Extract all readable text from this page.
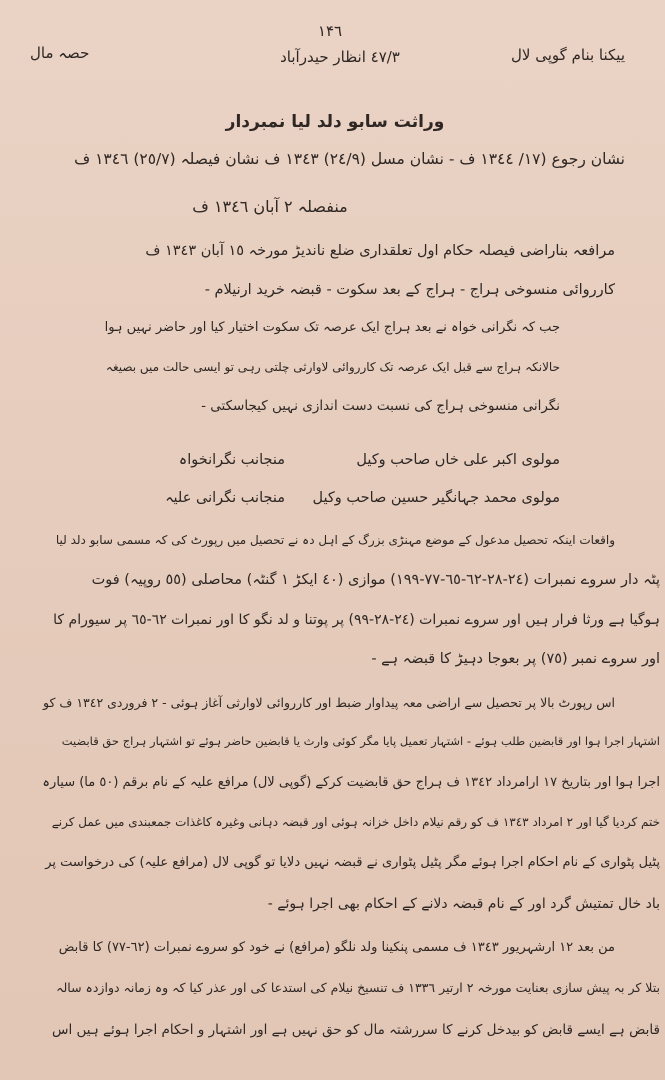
١۴٦
ییکنا بنام گوپی لال
٤٧/٣ انظار حیدرآباد
حصہ مال
وراثت سابو دلد لیا نمبردار
نشان رجوع (١٧/ ١٣٤٤ ف - نشان مسل (٢٤/٩) ١٣٤٣ ف نشان فیصلہ (٢٥/٧) ١٣٤٦ ف
منفصلہ ٢ آبان ١٣٤٦ ف
مرافعہ بناراضی فیصلہ حکام اول تعلقداری ضلع ناندیڑ مورخہ ١٥ آبان ١٣٤٣ ف
کارروائی منسوخی ہراج - ہراج کے بعد سکوت - قبضہ خرید ارنیلام -
جب کہ نگرانی خواہ نے بعد ہراج ایک عرصہ تک سکوت اختیار کیا اور حاضر نہیں ہوا
حالانکہ ہراج سے قبل ایک عرصہ تک کارروائی لاوارثی چلتی رہی تو ایسی حالت میں بصیغہ
نگرانی منسوخی ہراج کی نسبت دست اندازی نہیں کیجاسکتی -
مولوی اکبر علی خاں صاحب وکیل
منجانب نگرانخواہ
مولوی محمد جہانگیر حسین صاحب وکیل
منجانب نگرانی علیہ
واقعات اینکہ تحصیل مدعول کے موضع مہنڑی بزرگ کے اہل دہ نے تحصیل میں رپورٹ کی کہ مسمی سابو دلد لیا
پٹہ دار سروے نمبرات (٢٤-٢٨-٦٢-٦٥-٧٧-١٩٩) موازی (٤٠ ایکڑ ١ گنٹہ) محاصلی (٥٥ روپیہ) فوت
ہوگیا ہے ورثا فرار ہیں اور سروے نمبرات (٢٤-٢٨-٩٩) پر پوتنا و لد نگو کا اور نمبرات ٦٢-٦٥ پر سیورام کا
اور سروے نمبر (٧٥) پر بعوجا دہیڑ کا قبضہ ہے -
اس رپورٹ بالا پر تحصیل سے اراضی معہ پیداوار ضبط اور کارروائی لاوارثی آغاز ہوئی - ٢ فروردی ١٣٤٢ ف کو
اشتہار اجرا ہوا اور قابضین طلب ہوئے - اشتہار تعمیل پایا مگر کوئی وارث یا قابضین حاضر ہوئے تو اشتہار ہراج حق قابضیت
اجرا ہوا اور بتاریخ ١٧ ارامرداد ١٣٤٢ ف ہراج حق قابضیت کرکے (گوپی لال) مرافع علیہ کے نام برقم (٥٠ ما) سیارہ
ختم کردیا گیا اور ٢ امرداد ١٣٤٣ ف کو رقم نیلام داخل خزانہ ہوئی اور قبضہ دہانی وغیرہ کاغذات جمعبندی میں عمل کرنے
پٹیل پٹواری کے نام احکام اجرا ہوئے مگر پٹیل پٹواری نے قبضہ نہیں دلایا تو گوپی لال (مرافع علیہ) کی درخواست پر
باد خال تمتیش گرد اور کے نام قبضہ دلانے کے احکام بھی اجرا ہوئے -
من بعد ١٢ ارشہریور ١٣٤٣ ف مسمی پنکینا ولد نلگو (مرافع) نے خود کو سروے نمبرات (٦٢-٧٧) کا قابض
بتلا کر بہ پیش سازی بعنایت مورخہ ٢ ارتیر ١٣٣٦ ف تنسیخ نیلام کی استدعا کی اور عذر کیا کہ وہ زمانہ دوازدہ سالہ
قابض ہے ایسے قابض کو بیدخل کرنے کا سررشتہ مال کو حق نہیں ہے اور اشتہار و احکام اجرا ہوئے ہیں اس
